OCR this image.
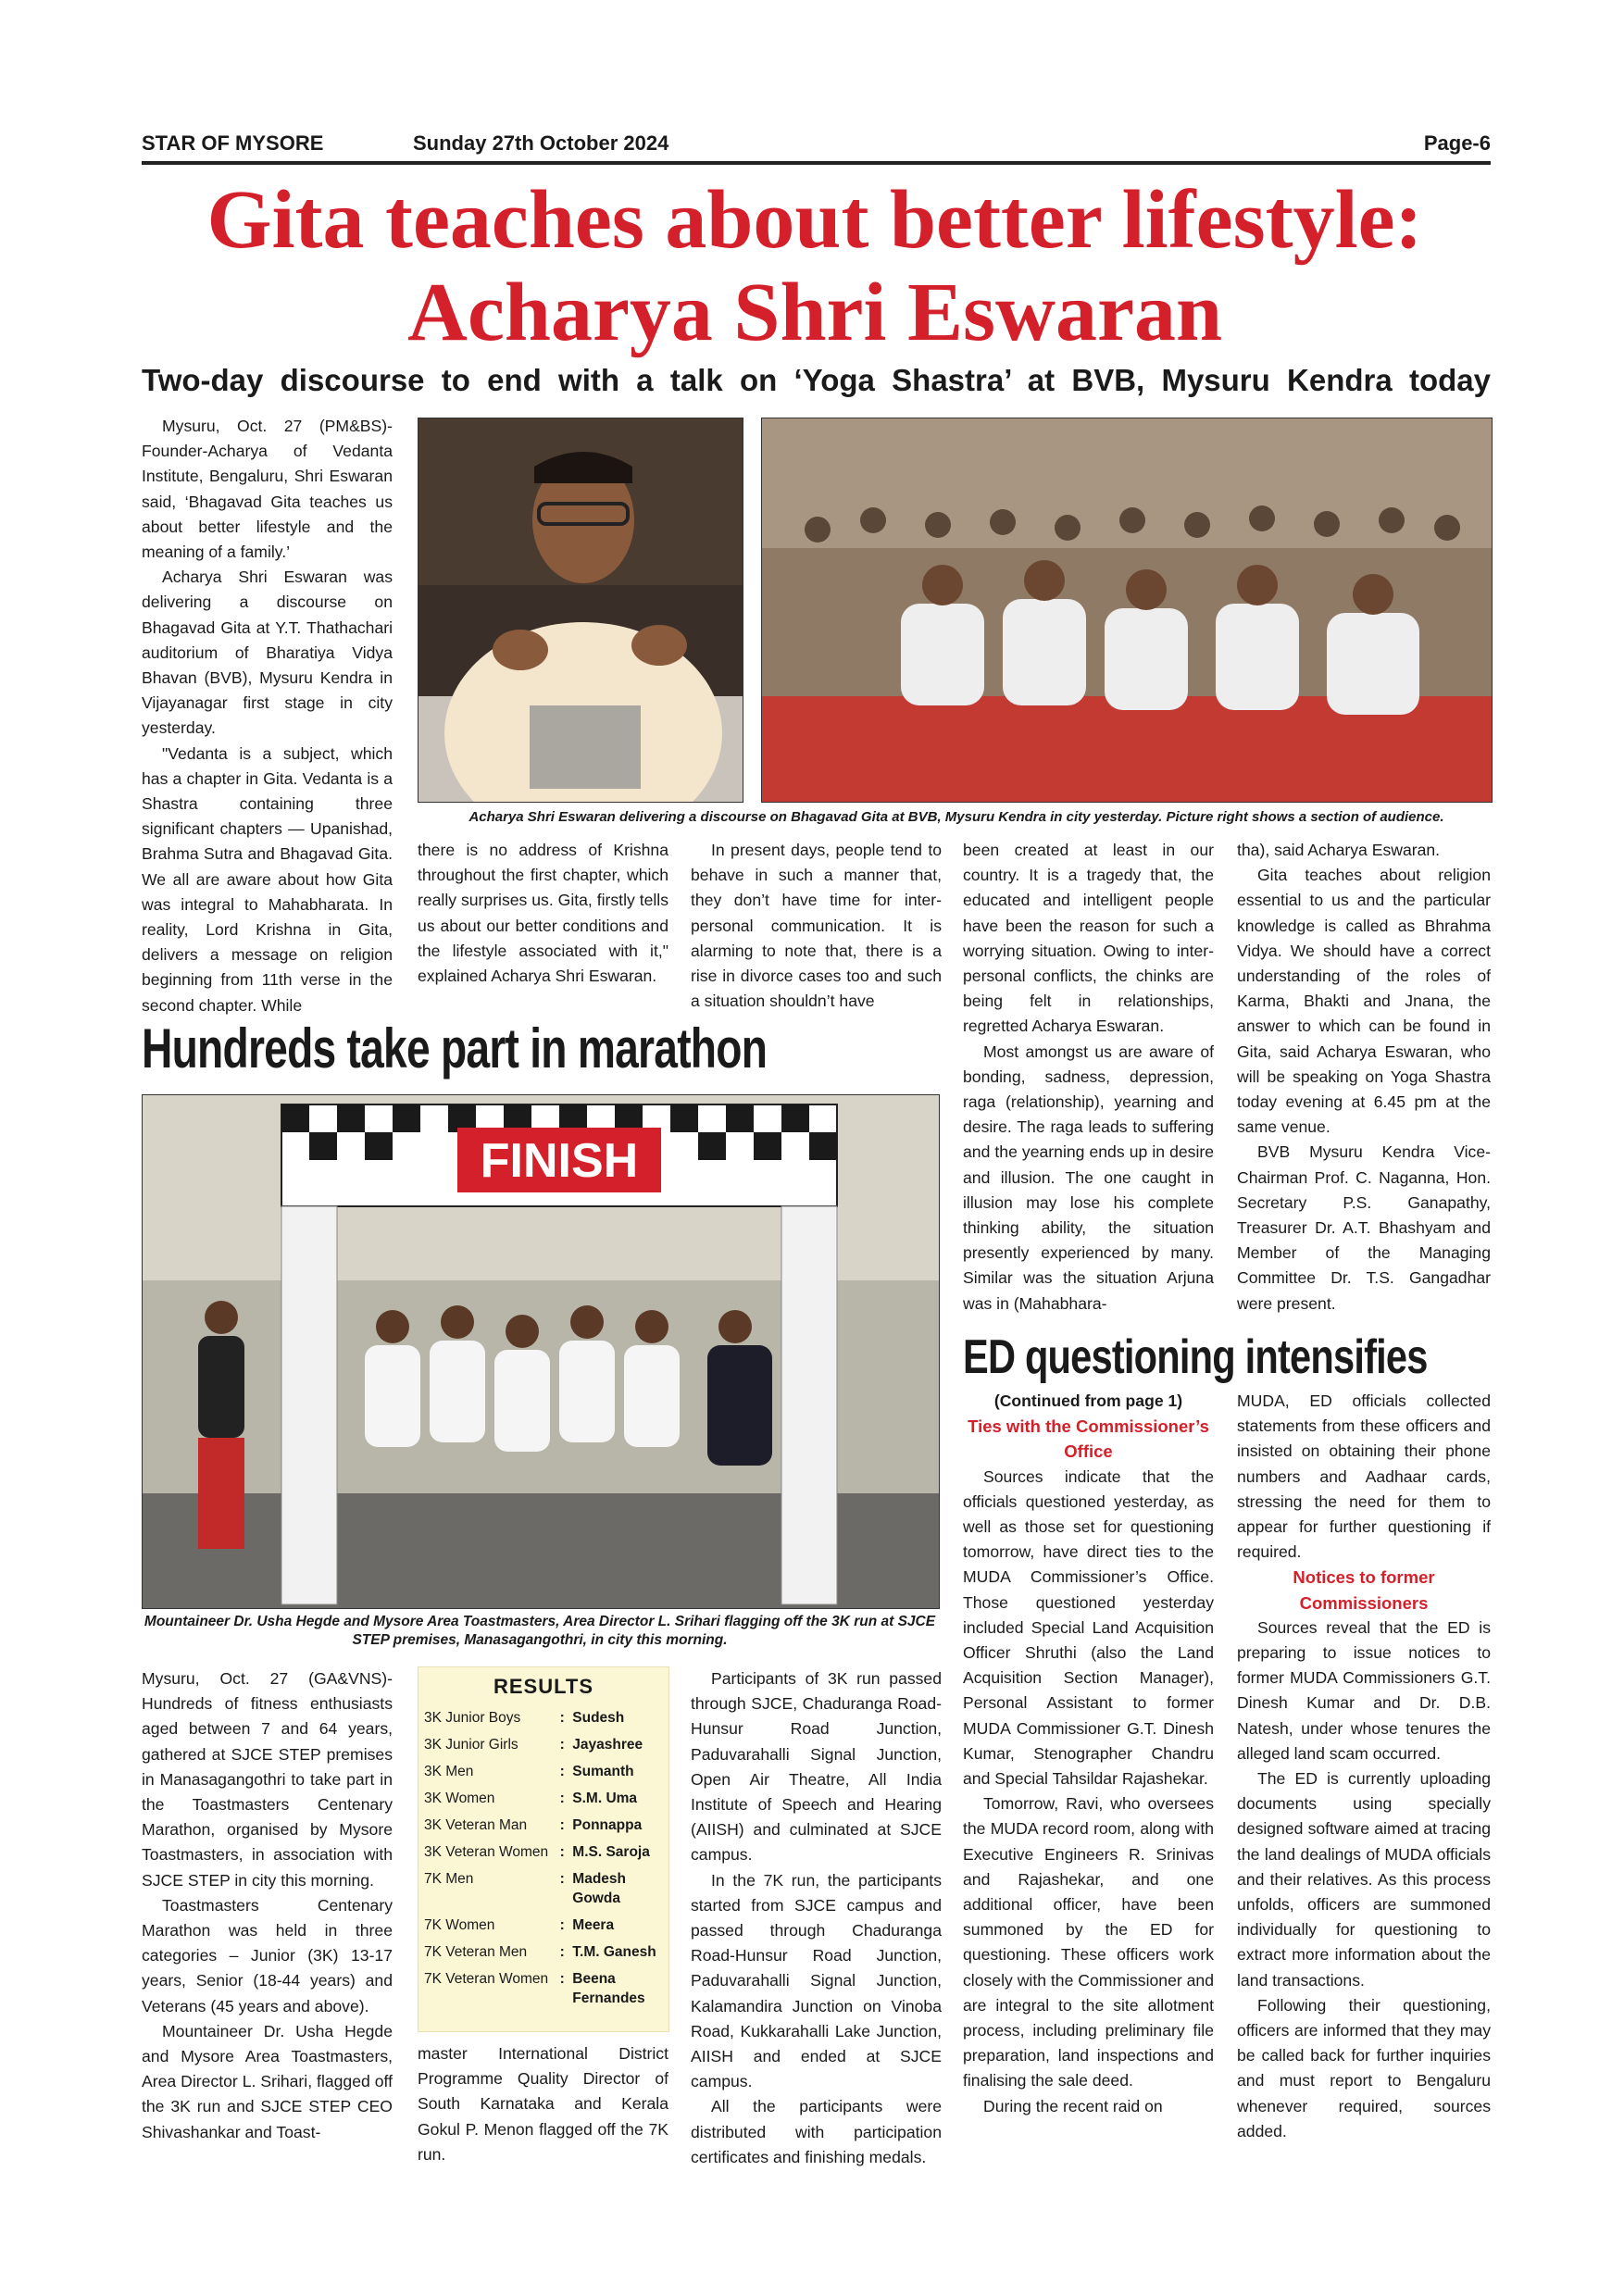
STAR OF MYSORE	Sunday 27th October 2024	Page-6
Gita teaches about better lifestyle:
Acharya Shri Eswaran
Two-day discourse to end with a talk on ‘Yoga Shastra’ at BVB, Mysuru Kendra today

Mysuru, Oct. 27 (PM&BS)- Founder-Acharya of Vedanta Institute, Bengaluru, Shri Eswaran said, ‘Bhagavad Gita teaches us about better lifestyle and the meaning of a family.’

Acharya Shri Eswaran was delivering a discourse on Bhagavad Gita at Y.T. Thathachari auditorium of Bharatiya Vidya Bhavan (BVB), Mysuru Kendra in Vijayanagar first stage in city yesterday.

"Vedanta is a subject, which has a chapter in Gita. Vedanta is a Shastra containing three significant chapters — Upanishad, Brahma Sutra and Bhagavad Gita. We all are aware about how Gita was integral to Mahabharata. In reality, Lord Krishna in Gita, delivers a message on religion beginning from 11th verse in the second chapter. While

Acharya Shri Eswaran delivering a discourse on Bhagavad Gita at BVB, Mysuru Kendra in city yesterday. Picture right shows a section of audience.

there is no address of Krishna throughout the first chapter, which really surprises us. Gita, firstly tells us about our better conditions and the lifestyle associated with it," explained Acharya Shri Eswaran.

In present days, people tend to behave in such a manner that, they don’t have time for inter-personal communication. It is alarming to note that, there is a rise in divorce cases too and such a situation shouldn’t have

been created at least in our country. It is a tragedy that, the educated and intelligent people have been the reason for such a worrying situation. Owing to inter-personal conflicts, the chinks are being felt in relationships, regretted Acharya Eswaran.

Most amongst us are aware of bonding, sadness, depression, raga (relationship), yearning and desire. The raga leads to suffering and the yearning ends up in desire and illusion. The one caught in illusion may lose his complete thinking ability, the situation presently experienced by many. Similar was the situation Arjuna was in (Mahabhara-

tha), said Acharya Eswaran.

Gita teaches about religion essential to us and the particular knowledge is called as Bhrahma Vidya. We should have a correct understanding of the roles of Karma, Bhakti and Jnana, the answer to which can be found in Gita, said Acharya Eswaran, who will be speaking on Yoga Shastra today evening at 6.45 pm at the same venue.

BVB Mysuru Kendra Vice-Chairman Prof. C. Naganna, Hon. Secretary P.S. Ganapathy, Treasurer Dr. A.T. Bhashyam and Member of the Managing Committee Dr. T.S. Gangadhar were present.

Hundreds take part in marathon
FINISH
Mountaineer Dr. Usha Hegde and Mysore Area Toastmasters, Area Director L. Srihari flagging off the 3K run at SJCE STEP premises, Manasagangothri, in city this morning.

Mysuru, Oct. 27 (GA&VNS)- Hundreds of fitness enthusiasts aged between 7 and 64 years, gathered at SJCE STEP premises in Manasagangothri to take part in the Toastmasters Centenary Marathon, organised by Mysore Toastmasters, in association with SJCE STEP in city this morning.

Toastmasters Centenary Marathon was held in three categories – Junior (3K) 13-17 years, Senior (18-44 years) and Veterans (45 years and above).

Mountaineer Dr. Usha Hegde and Mysore Area Toastmasters, Area Director L. Srihari, flagged off the 3K run and SJCE STEP CEO Shivashankar and Toast-

RESULTS
3K Junior Boys	: Sudesh
3K Junior Girls	: Jayashree
3K Men	: Sumanth
3K Women	: S.M. Uma
3K Veteran Man	: Ponnappa
3K Veteran Women : M.S. Saroja
7K Men	: Madesh Gowda
7K Women	: Meera
7K Veteran Men	: T.M. Ganesh
7K Veteran Women : Beena Fernandes

master International District Programme Quality Director of South Karnataka and Kerala Gokul P. Menon flagged off the 7K run.

Participants of 3K run passed through SJCE, Chaduranga Road-Hunsur Road Junction, Paduvarahalli Signal Junction, Open Air Theatre, All India Institute of Speech and Hearing (AIISH) and culminated at SJCE campus.

In the 7K run, the participants started from SJCE campus and passed through Chaduranga Road-Hunsur Road Junction, Paduvarahalli Signal Junction, Kalamandira Junction on Vinoba Road, Kukkarahalli Lake Junction, AIISH and ended at SJCE campus.

All the participants were distributed with participation certificates and finishing medals.

ED questioning intensifies
(Continued from page 1)
Ties with the Commissioner’s Office

Sources indicate that the officials questioned yesterday, as well as those set for questioning tomorrow, have direct ties to the MUDA Commissioner’s Office. Those questioned yesterday included Special Land Acquisition Officer Shruthi (also the Land Acquisition Section Manager), Personal Assistant to former MUDA Commissioner G.T. Dinesh Kumar, Stenographer Chandru and Special Tahsildar Rajashekar.

Tomorrow, Ravi, who oversees the MUDA record room, along with Executive Engineers R. Srinivas and Rajashekar, and one additional officer, have been summoned by the ED for questioning. These officers work closely with the Commissioner and are integral to the site allotment process, including preliminary file preparation, land inspections and finalising the sale deed.

During the recent raid on

MUDA, ED officials collected statements from these officers and insisted on obtaining their phone numbers and Aadhaar cards, stressing the need for them to appear for further questioning if required.

Notices to former Commissioners

Sources reveal that the ED is preparing to issue notices to former MUDA Commissioners G.T. Dinesh Kumar and Dr. D.B. Natesh, under whose tenures the alleged land scam occurred.

The ED is currently uploading documents using specially designed software aimed at tracing the land dealings of MUDA officials and their relatives. As this process unfolds, officers are summoned individually for questioning to extract more information about the land transactions.

Following their questioning, officers are informed that they may be called back for further inquiries and must report to Bengaluru whenever required, sources added.
